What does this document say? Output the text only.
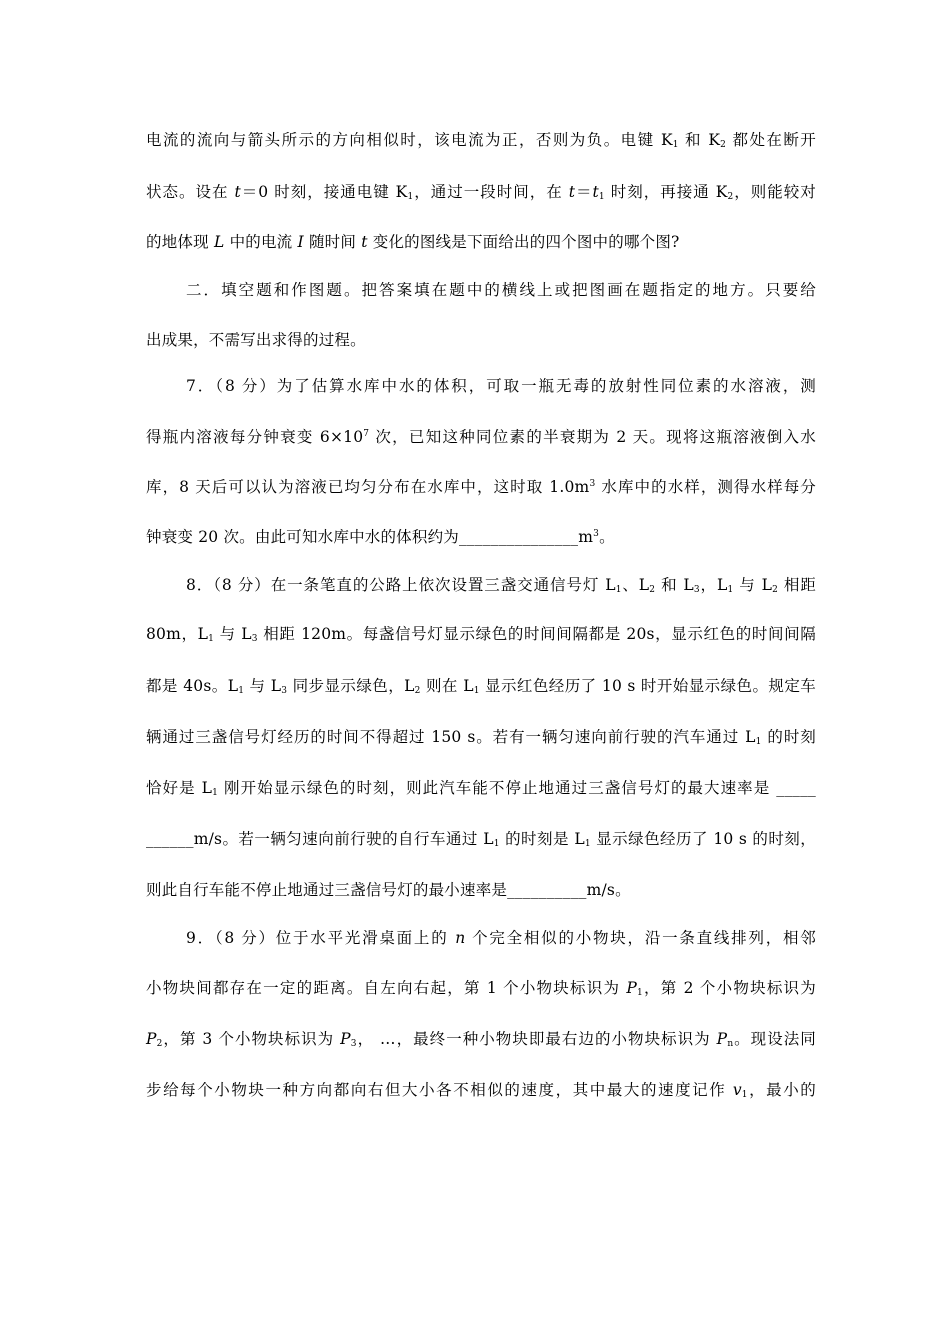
电流的流向与箭头所示的方向相似时，该电流为正，否则为负。电键 $K_1$ 和 $K_2$ 都处在断开
状态。设在 t＝0 时刻，接通电键 $K_1$，通过一段时间，在 $t=t_1$ 时刻，再接通 $K_2$，则能较对
的地体现 L 中的电流 I 随时间 t 变化的图线是下面给出的四个图中的哪个图?
二．填空题和作图题。把答案填在题中的横线上或把图画在题指定的地方。只要给
出成果，不需写出求得的过程。
7．（8 分）为了估算水库中水的体积，可取一瓶无毒的放射性同位素的水溶液，测
得瓶内溶液每分钟衰变 $6\times 10^7$ 次，已知这种同位素的半衰期为 2 天。现将这瓶溶液倒入水
库，8 天后可以认为溶液已均匀分布在水库中，这时取 $1.0m^3$ 水库中的水样，测得水样每分
钟衰变 20 次。由此可知水库中水的体积约为$\_\_\_\_\_\_\_\_\_\_\_\_\_\_\_m^3$。
8．（8 分）在一条笔直的公路上依次设置三盏交通信号灯 $L_1$、$L_2$ 和 $L_3$，$L_1$ 与 $L_2$ 相距
80m，$L_1$ 与 $L_3$ 相距 120m。每盏信号灯显示绿色的时间间隔都是 20s，显示红色的时间间隔
都是 40s。$L_1$ 与 $L_3$ 同步显示绿色，$L_2$ 则在 $L_1$ 显示红色经历了 10 s 时开始显示绿色。规定车
辆通过三盏信号灯经历的时间不得超过 150 s。若有一辆匀速向前行驶的汽车通过 $L_1$ 的时刻
恰好是 $L_1$ 刚开始显示绿色的时刻，则此汽车能不停止地通过三盏信号灯的最大速率是 _____
______m/s。若一辆匀速向前行驶的自行车通过 $L_1$ 的时刻是 $L_1$ 显示绿色经历了 10 s 的时刻，
则此自行车能不停止地通过三盏信号灯的最小速率是__________m/s。
9．（8 分）位于水平光滑桌面上的 n 个完全相似的小物块，沿一条直线排列，相邻
小物块间都存在一定的距离。自左向右起，第 1 个小物块标识为 $P_1$，第 2 个小物块标识为
$P_2$，第 3 个小物块标识为 $P_3$， …，最终一种小物块即最右边的小物块标识为 $P_n$。现设法同
步给每个小物块一种方向都向右但大小各不相似的速度，其中最大的速度记作 $v_1$，最小的
